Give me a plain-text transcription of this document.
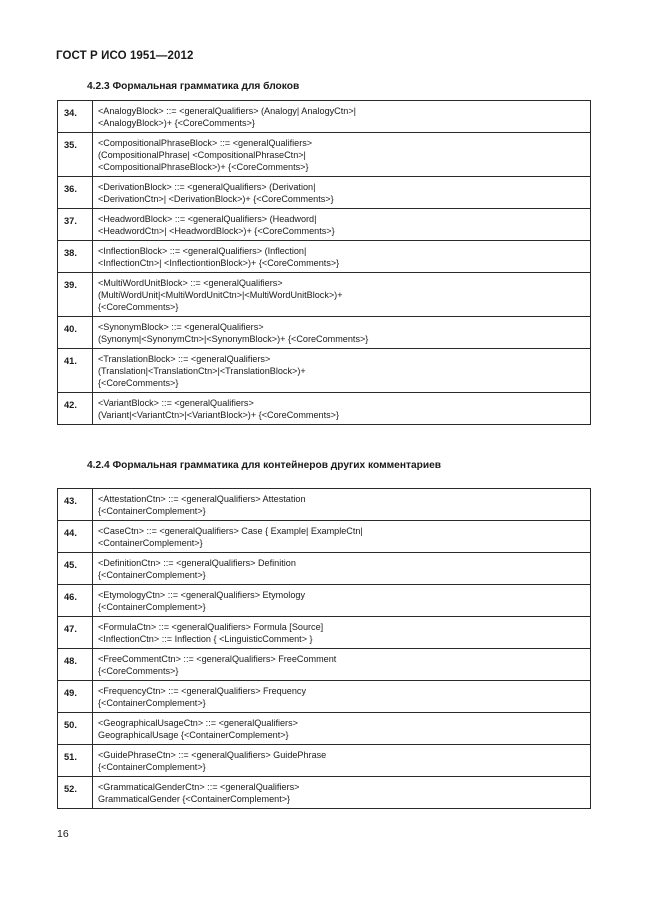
ГОСТ Р ИСО 1951—2012
4.2.3 Формальная грамматика для блоков
34.	<AnalogyBlock> ::= <generalQualifiers> (Analogy| AnalogyCtn>|
<AnalogyBlock>)+ {<CoreComments>}

35.	<CompositionalPhraseBlock> ::= <generalQualifiers>
(CompositionalPhrase| <CompositionalPhraseCtn>|
<CompositionalPhraseBlock>)+ {<CoreComments>}

36.	<DerivationBlock> ::= <generalQualifiers> (Derivation|
<DerivationCtn>| <DerivationBlock>)+ {<CoreComments>}

37.	<HeadwordBlock> ::= <generalQualifiers> (Headword|
<HeadwordCtn>| <HeadwordBlock>)+ {<CoreComments>}

38.	<InflectionBlock> ::= <generalQualifiers> (Inflection|
<InflectionCtn>| <InflectiontionBlock>)+ {<CoreComments>}

39.	<MultiWordUnitBlock> ::= <generalQualifiers>
(MultiWordUnit|<MultiWordUnitCtn>|<MultiWordUnitBlock>)+
{<CoreComments>}

40.	<SynonymBlock> ::= <generalQualifiers>
(Synonym|<SynonymCtn>|<SynonymBlock>)+ {<CoreComments>}

41.	<TranslationBlock> ::= <generalQualifiers>
(Translation|<TranslationCtn>|<TranslationBlock>)+
{<CoreComments>}

42.	<VariantBlock> ::= <generalQualifiers>
(Variant|<VariantCtn>|<VariantBlock>)+ {<CoreComments>}
4.2.4 Формальная грамматика для контейнеров других комментариев
43.	<AttestationCtn> ::= <generalQualifiers> Attestation
{<ContainerComplement>}

44.	<CaseCtn> ::= <generalQualifiers> Case { Example| ExampleCtn|
<ContainerComplement>}

45.	<DefinitionCtn> ::= <generalQualifiers> Definition
{<ContainerComplement>}

46.	<EtymologyCtn> ::= <generalQualifiers> Etymology
{<ContainerComplement>}

47.	<FormulaCtn> ::= <generalQualifiers> Formula [Source]
<InflectionCtn> ::= Inflection { <LinguisticComment> }

48.	<FreeCommentCtn> ::= <generalQualifiers> FreeComment
{<CoreComments>}

49.	<FrequencyCtn> ::= <generalQualifiers> Frequency
{<ContainerComplement>}

50.	<GeographicalUsageCtn> ::= <generalQualifiers>
GeographicalUsage {<ContainerComplement>}

51.	<GuidePhraseCtn> ::= <generalQualifiers> GuidePhrase
{<ContainerComplement>}

52.	<GrammaticalGenderCtn> ::= <generalQualifiers>
GrammaticalGender {<ContainerComplement>}
16
